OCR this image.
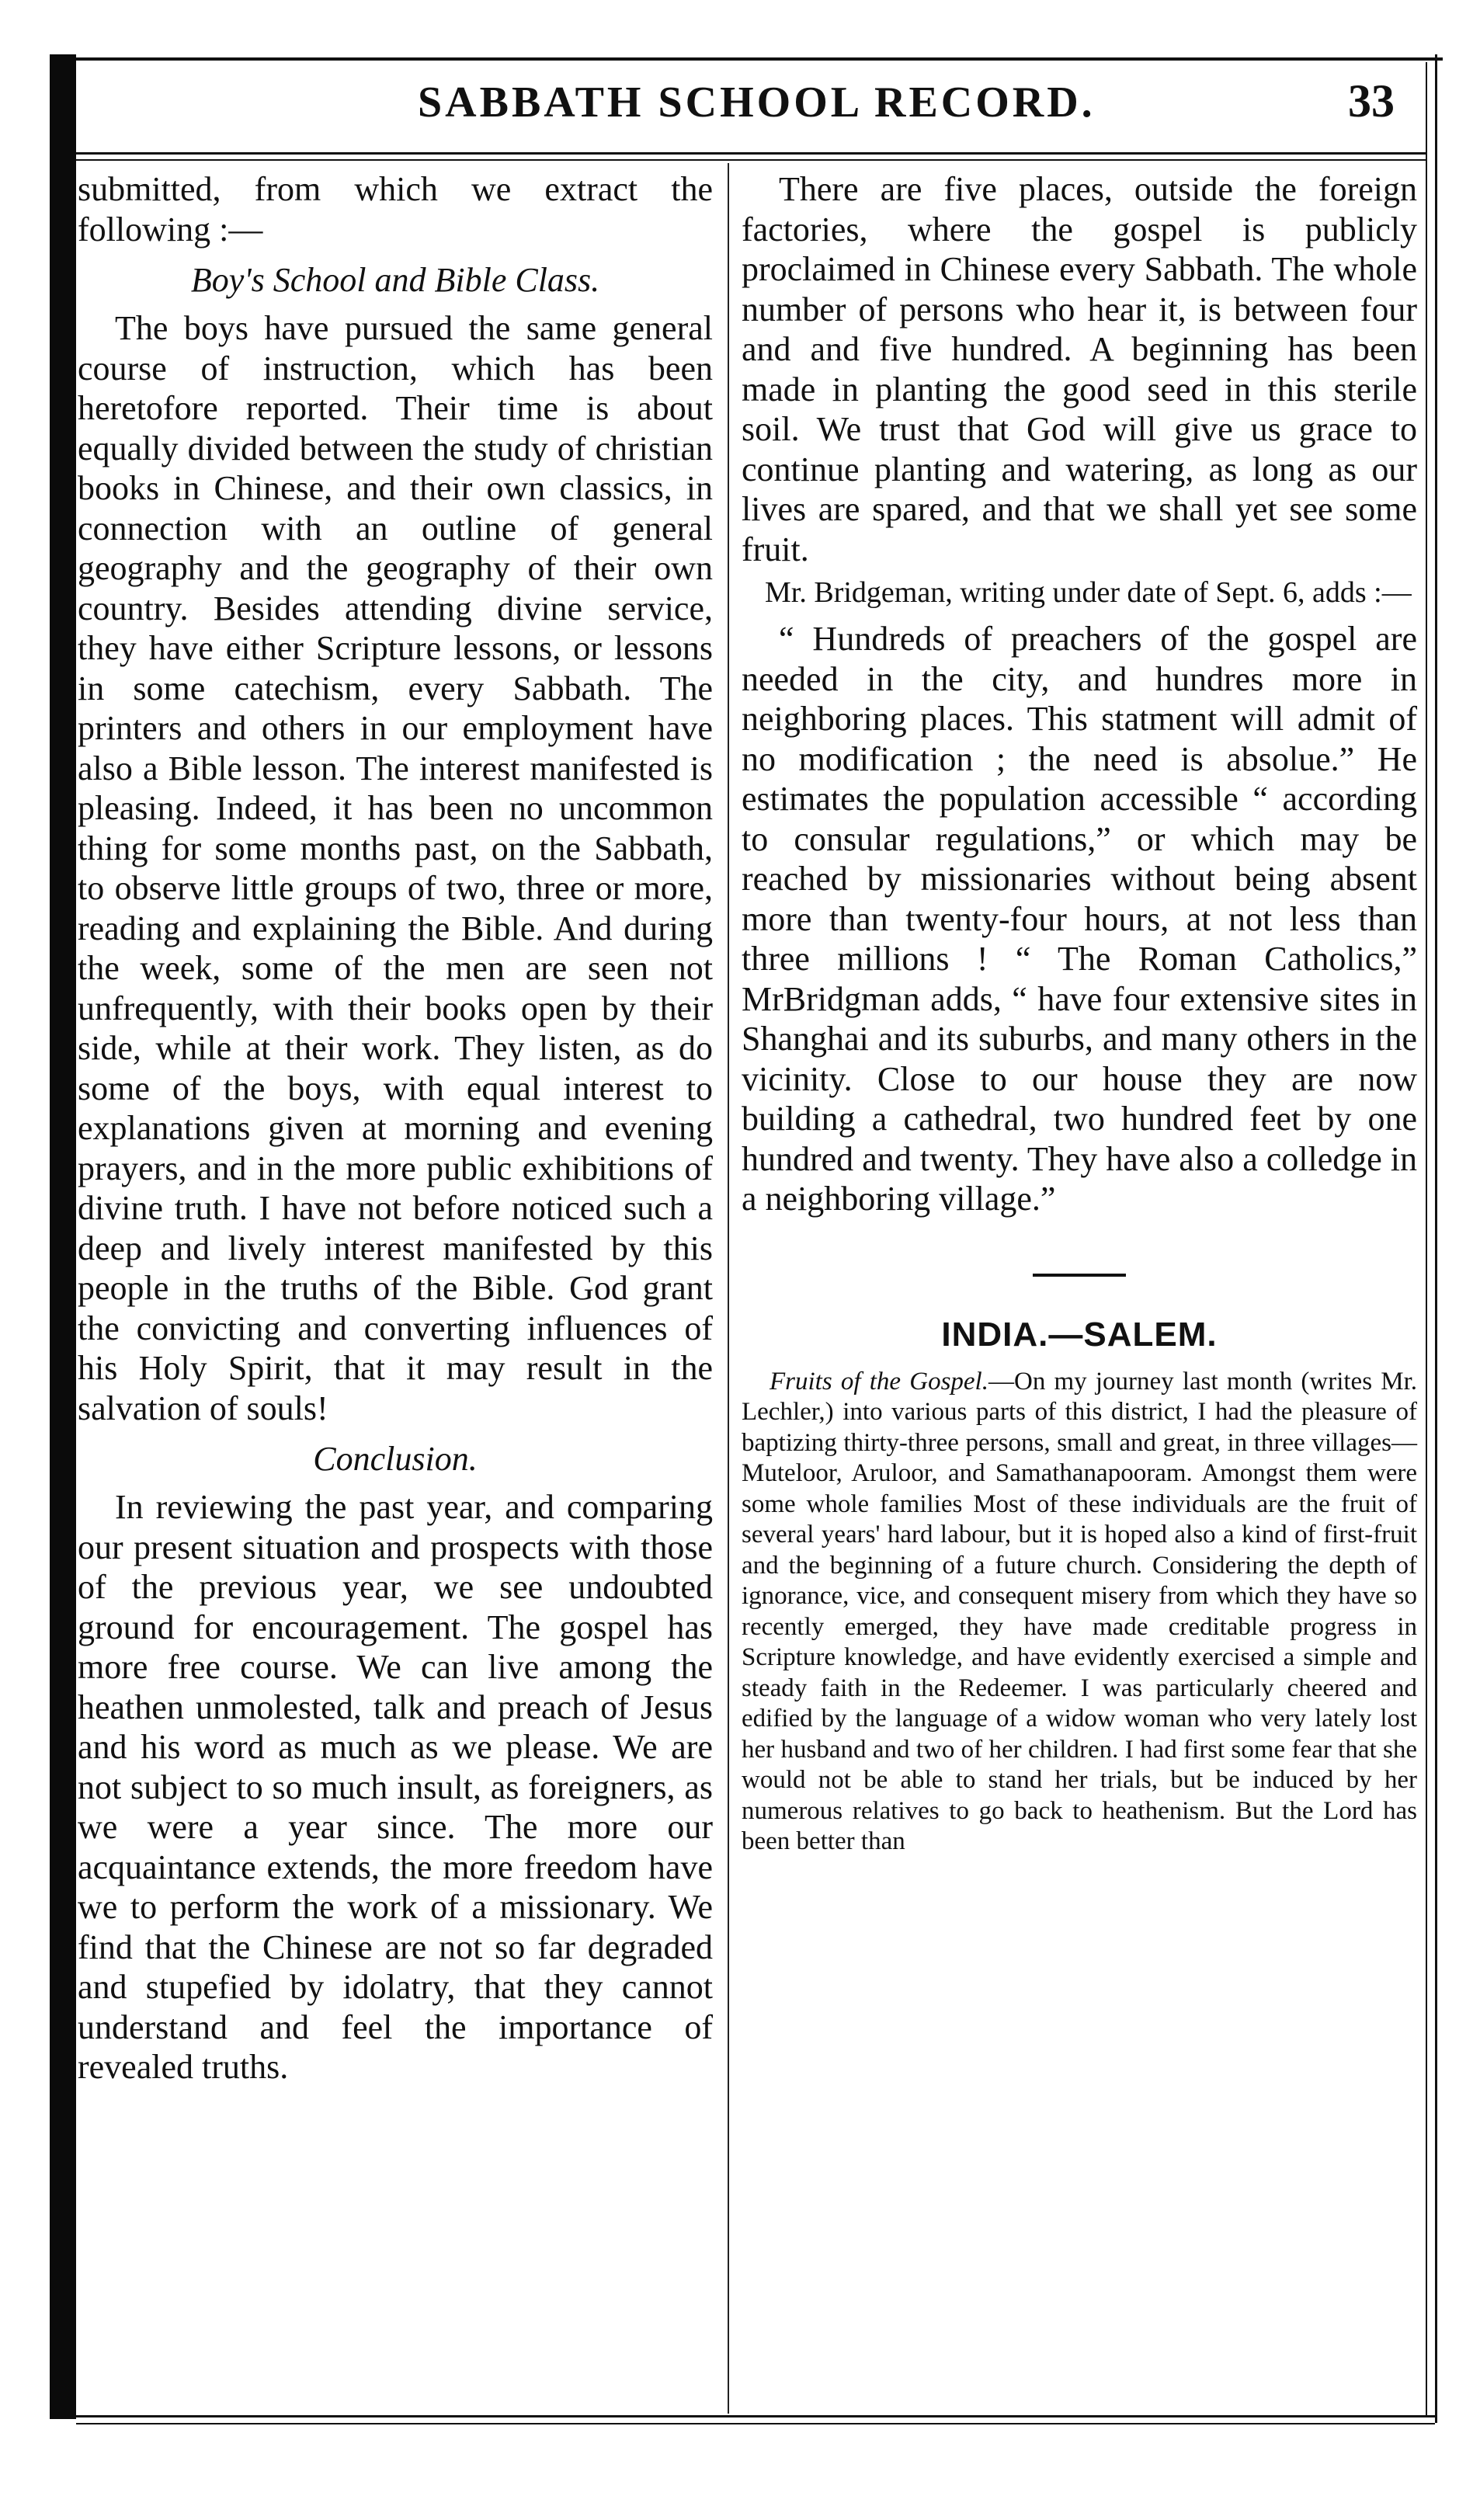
SABBATH SCHOOL RECORD.	33

submitted, from which we extract the following :—

Boy's School and Bible Class.

The boys have pursued the same general course of instruction, which has been heretofore reported. Their time is about equally divided between the study of christian books in Chinese, and their own classics, in connection with an outline of general geography and the geography of their own country. Besides attending divine service, they have either Scripture lessons, or lessons in some catechism, every Sabbath. The printers and others in our employment have also a Bible lesson. The interest manifested is pleasing. Indeed, it has been no uncommon thing for some months past, on the Sabbath, to observe little groups of two, three or more, reading and explaining the Bible. And during the week, some of the men are seen not unfrequently, with their books open by their side, while at their work. They listen, as do some of the boys, with equal interest to explanations given at morning and evening prayers, and in the more public exhibitions of divine truth. I have not before noticed such a deep and lively interest manifested by this people in the truths of the Bible. God grant the convicting and converting influences of his Holy Spirit, that it may result in the salvation of souls!

Conclusion.

In reviewing the past year, and comparing our present situation and prospects with those of the previous year, we see undoubted ground for encouragement. The gospel has more free course. We can live among the heathen unmolested, talk and preach of Jesus and his word as much as we please. We are not subject to so much insult, as foreigners, as we were a year since. The more our acquaintance extends, the more freedom have we to perform the work of a missionary. We find that the Chinese are not so far degraded and stupefied by idolatry, that they cannot understand and feel the importance of revealed truths.

There are five places, outside the foreign factories, where the gospel is publicly proclaimed in Chinese every Sabbath. The whole number of persons who hear it, is between four and and five hundred. A beginning has been made in planting the good seed in this sterile soil. We trust that God will give us grace to continue planting and watering, as long as our lives are spared, and that we shall yet see some fruit.

Mr. Bridgeman, writing under date of Sept. 6, adds :—

“ Hundreds of preachers of the gospel are needed in the city, and hundres more in neighboring places. This statment will admit of no modification ; the need is absolue.” He estimates the population accessible “ according to consular regulations,” or which may be reached by missionaries without being absent more than twenty-four hours, at not less than three millions ! “ The Roman Catholics,” MrBridgman adds, “ have four extensive sites in Shanghai and its suburbs, and many others in the vicinity. Close to our house they are now building a cathedral, two hundred feet by one hundred and twenty. They have also a colledge in a neighboring village.”

INDIA.—SALEM.

Fruits of the Gospel.—On my journey last month (writes Mr. Lechler,) into various parts of this district, I had the pleasure of baptizing thirty-three persons, small and great, in three villages—Muteloor, Aruloor, and Samathanapooram. Amongst them were some whole families Most of these individuals are the fruit of several years' hard labour, but it is hoped also a kind of first-fruit and the beginning of a future church. Considering the depth of ignorance, vice, and consequent misery from which they have so recently emerged, they have made creditable progress in Scripture knowledge, and have evidently exercised a simple and steady faith in the Redeemer. I was particularly cheered and edified by the language of a widow woman who very lately lost her husband and two of her children. I had first some fear that she would not be able to stand her trials, but be induced by her numerous relatives to go back to heathenism. But the Lord has been better than
